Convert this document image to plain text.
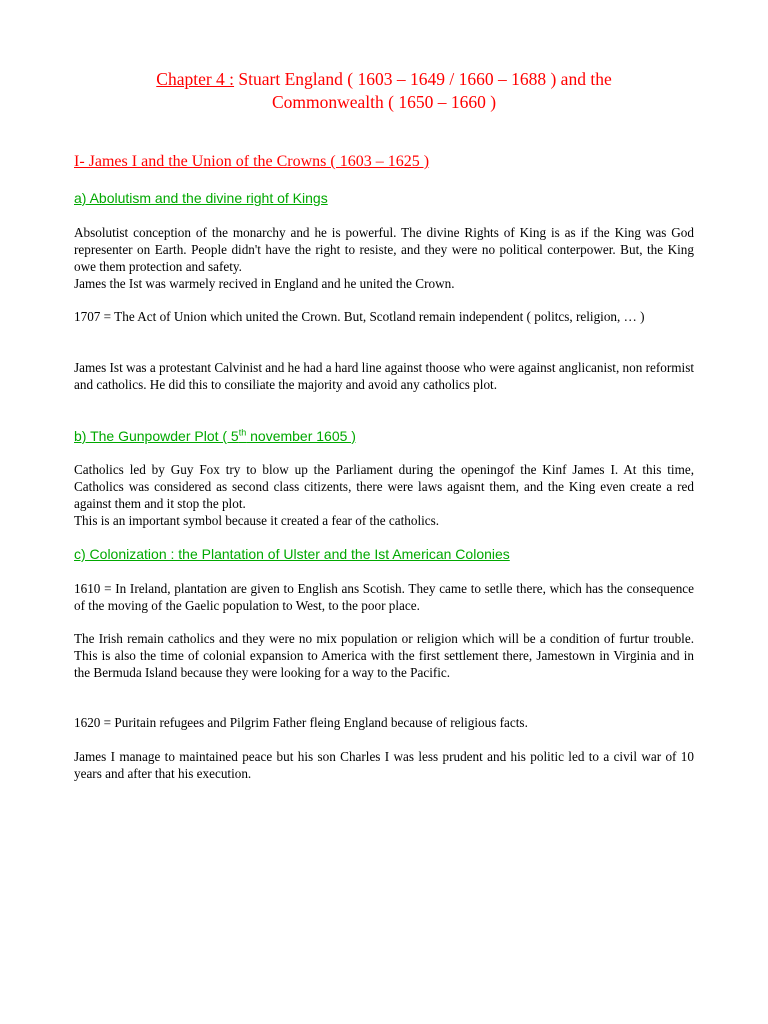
Chapter 4 : Stuart England ( 1603 – 1649 / 1660 – 1688 ) and the
Commonwealth ( 1650 – 1660 )
I- James I and the Union of the Crowns ( 1603 – 1625 )
a) Abolutism and the divine right of Kings
Absolutist conception of the monarchy and he is powerful. The divine Rights of King is as if the King was God representer on Earth. People didn't have the right to resiste, and they were no political conterpower. But, the King owe them protection and safety.
James the Ist was warmely recived in England and he united the Crown.
1707 = The Act of Union which united the Crown. But, Scotland remain independent ( politcs, religion, … )
James Ist was a protestant Calvinist and he had a hard line against thoose who were against anglicanist, non reformist and catholics. He did this to consiliate the majority and avoid any catholics plot.
b) The Gunpowder Plot ( 5th november 1605 )
Catholics led by Guy Fox try to blow up the Parliament during the openingof the Kinf James I. At this time, Catholics was considered as second class citizents, there were laws agaisnt them, and the King even create a red against them and it stop the plot.
This is an important symbol because it created a fear of the catholics.
c) Colonization : the Plantation of Ulster and the Ist American Colonies
1610 = In Ireland, plantation are given to English ans Scotish. They came to setlle there, which has the consequence of the moving of the Gaelic population to West, to the poor place.
The Irish remain catholics and they were no mix population or religion which will be a condition of furtur trouble. This is also the time of colonial expansion to America with the first settlement there, Jamestown in Virginia and in the Bermuda Island because they were looking for a way to the Pacific.
1620 = Puritain refugees and Pilgrim Father fleing England because of religious facts.
James I manage to maintained peace but his son Charles I was less prudent and his politic led to a civil war of 10 years and after that his execution.
